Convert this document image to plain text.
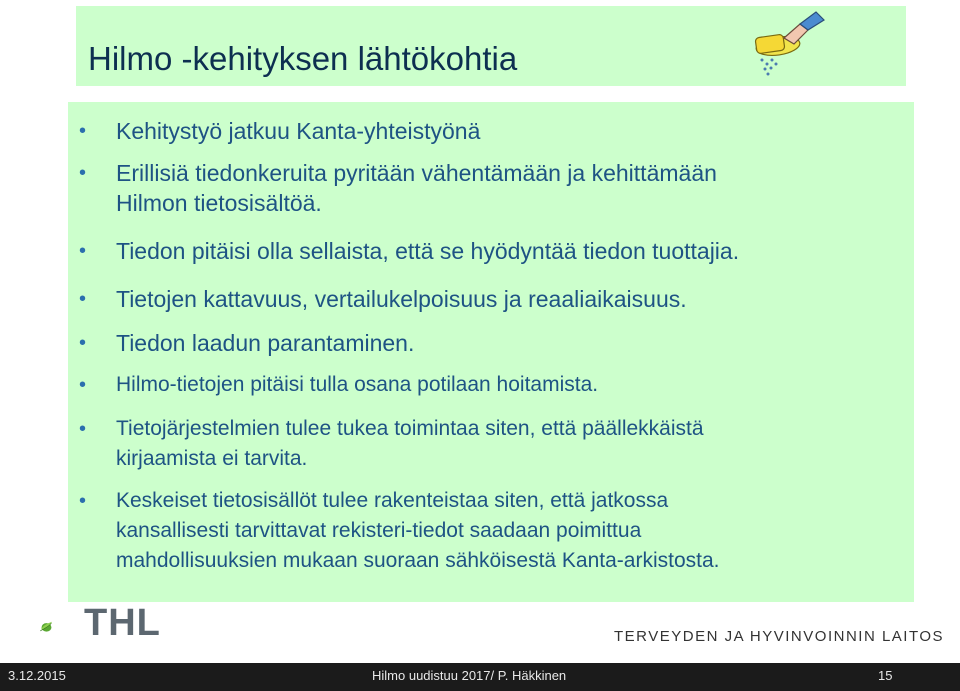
Hilmo -kehityksen lähtökohtia
• Kehitystyö jatkuu Kanta-yhteistyönä
• Erillisiä tiedonkeruita pyritään vähentämään ja kehittämään
Hilmon tietosisältöä.
• Tiedon pitäisi olla sellaista, että se hyödyntää tiedon tuottajia.
• Tietojen kattavuus, vertailukelpoisuus ja reaaliaikaisuus.
• Tiedon laadun parantaminen.
• Hilmo-tietojen pitäisi tulla osana potilaan hoitamista.
• Tietojärjestelmien tulee tukea toimintaa siten, että päällekkäistä
kirjaamista ei tarvita.
• Keskeiset tietosisällöt tulee rakenteistaa siten, että jatkossa
kansallisesti tarvittavat rekisteri-tiedot saadaan poimittua
mahdollisuuksien mukaan suoraan sähköisestä Kanta-arkistosta.
THL	TERVEYDEN JA HYVINVOINNIN LAITOS
3.12.2015	Hilmo uudistuu 2017/ P. Häkkinen	15
